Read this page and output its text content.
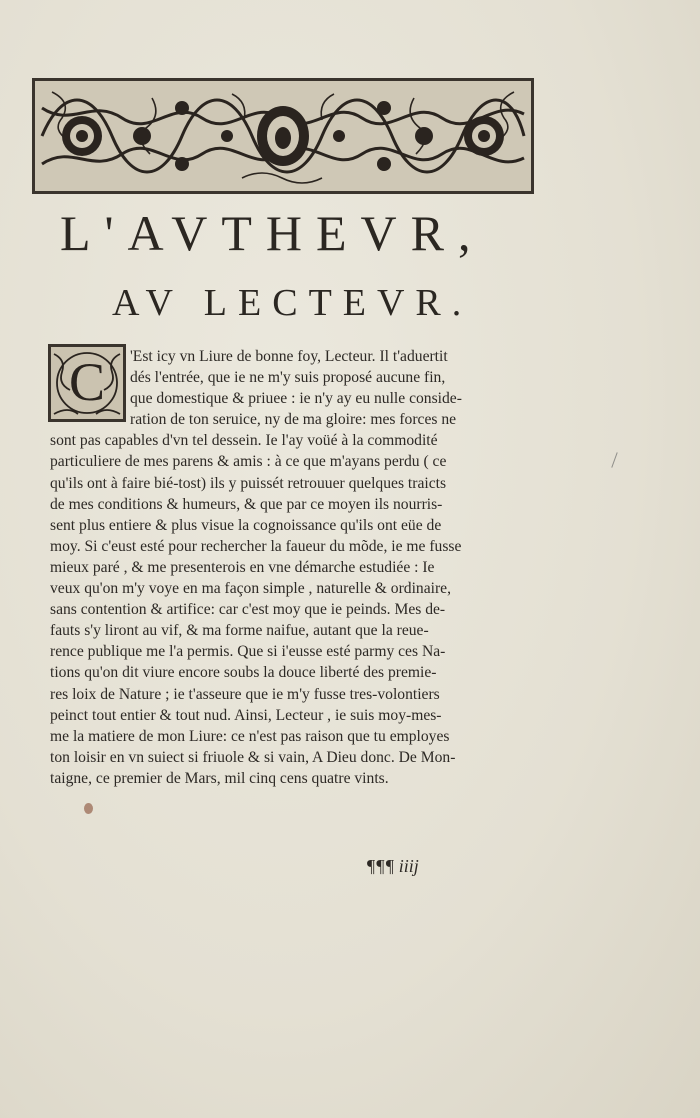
L'AVTHEVR,
AV LECTEVR.
C	'Est icy vn Liure de bonne foy, Lecteur. Il t'aduertit
dés l'entrée, que ie ne m'y suis proposé aucune fin,
que domestique & priuee : ie n'y ay eu nulle conside-
ration de ton seruice, ny de ma gloire: mes forces ne
sont pas capables d'vn tel dessein. Ie l'ay voüé à la commodité
particuliere de mes parens & amis : à ce que m'ayans perdu ( ce
qu'ils ont à faire bié-tost) ils y puissét retrouuer quelques traicts
de mes conditions & humeurs, & que par ce moyen ils nourris-
sent plus entiere & plus visue la cognoissance qu'ils ont eüe de
moy. Si c'eust esté pour rechercher la faueur du mõde, ie me fusse
mieux paré , & me presenterois en vne démarche estudiée : Ie
veux qu'on m'y voye en ma façon simple , naturelle & ordinaire,
sans contention & artifice: car c'est moy que ie peinds. Mes de-
fauts s'y liront au vif, & ma forme naifue, autant que la reue-
rence publique me l'a permis. Que si i'eusse esté parmy ces Na-
tions qu'on dit viure encore soubs la douce liberté des premie-
res loix de Nature ; ie t'asseure que ie m'y fusse tres-volontiers
peinct tout entier & tout nud. Ainsi, Lecteur , ie suis moy-mes-
me la matiere de mon Liure: ce n'est pas raison que tu employes
ton loisir en vn suiect si friuole & si vain, A Dieu donc. De Mon-
taigne, ce premier de Mars, mil cinq cens quatre vints.
¶¶¶ iiij
